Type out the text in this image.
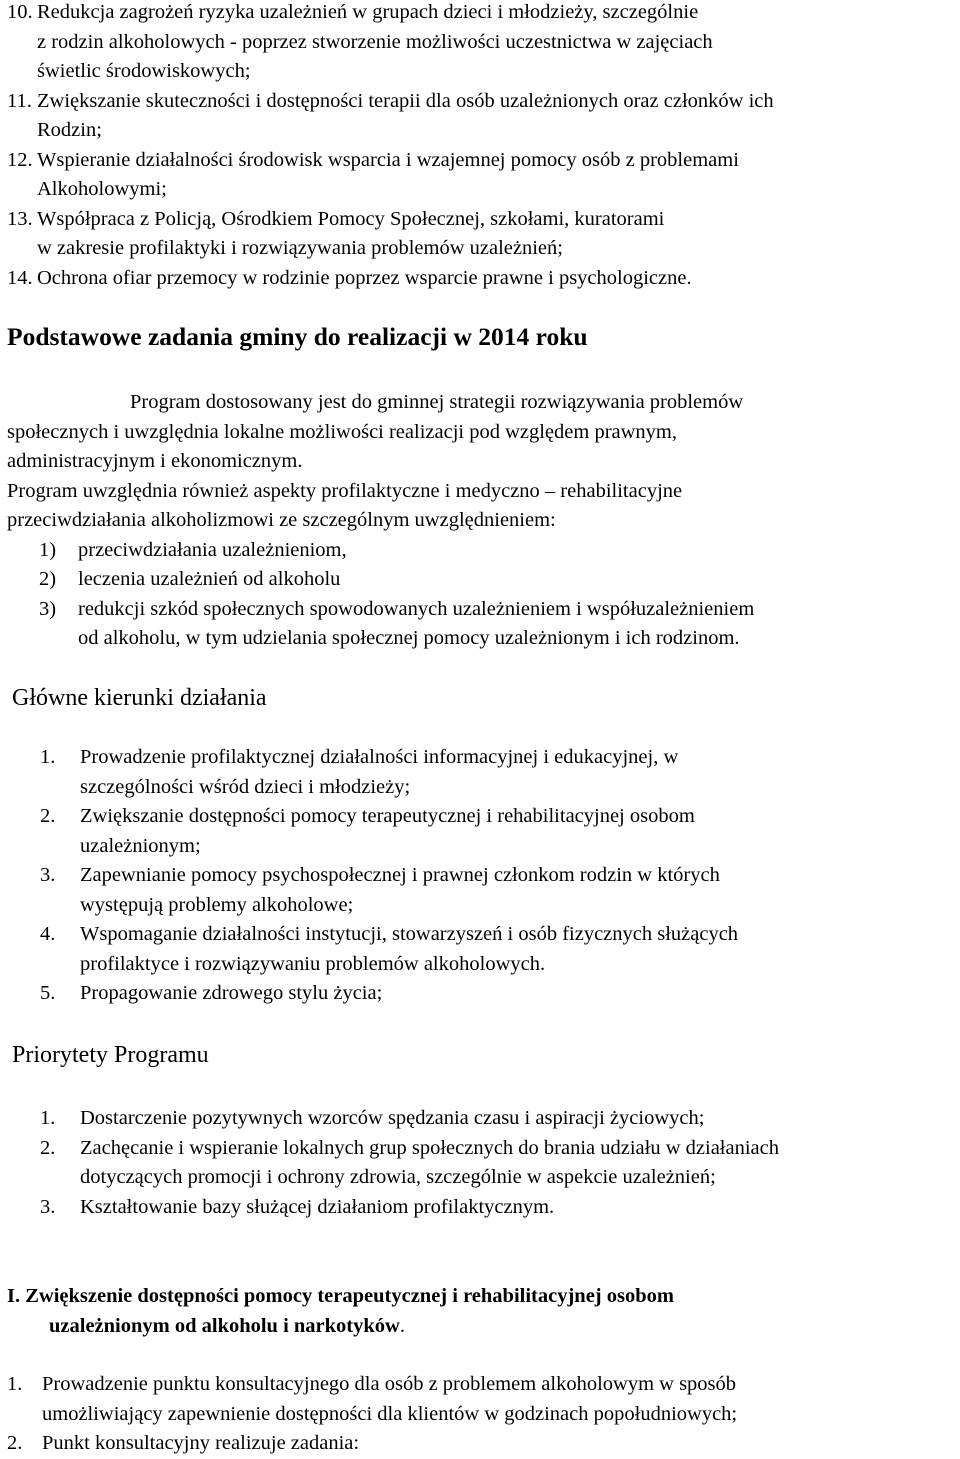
10. Redukcja zagrożeń ryzyka uzależnień w grupach dzieci i młodzieży, szczególnie
z rodzin alkoholowych - poprzez stworzenie możliwości uczestnictwa w zajęciach
świetlic środowiskowych;
11. Zwiększanie skuteczności i dostępności terapii dla osób uzależnionych oraz członków ich
Rodzin;
12. Wspieranie działalności środowisk wsparcia i wzajemnej pomocy osób z problemami
Alkoholowymi;
13. Współpraca z Policją, Ośrodkiem Pomocy Społecznej, szkołami, kuratorami
w zakresie profilaktyki i rozwiązywania problemów uzależnień;
14. Ochrona ofiar przemocy w rodzinie poprzez wsparcie prawne i psychologiczne.
Podstawowe zadania gminy do realizacji w 2014 roku
Program dostosowany jest do gminnej strategii rozwiązywania problemów
społecznych i uwzględnia lokalne możliwości realizacji pod względem prawnym,
administracyjnym i ekonomicznym.
Program uwzględnia również aspekty profilaktyczne i medyczno – rehabilitacyjne
przeciwdziałania alkoholizmowi ze szczególnym uwzględnieniem:
1)	przeciwdziałania uzależnieniom,
2)	leczenia uzależnień od alkoholu
3)	redukcji szkód społecznych spowodowanych uzależnieniem i współuzależnieniem
od alkoholu, w tym udzielania społecznej pomocy uzależnionym i ich rodzinom.
Główne kierunki działania
1.	Prowadzenie profilaktycznej działalności informacyjnej i edukacyjnej, w
szczególności wśród dzieci i młodzieży;
2.	Zwiększanie dostępności pomocy terapeutycznej i rehabilitacyjnej osobom
uzależnionym;
3.	Zapewnianie pomocy psychospołecznej i prawnej członkom rodzin w których
występują problemy alkoholowe;
4.	Wspomaganie działalności instytucji, stowarzyszeń i osób fizycznych służących
profilaktyce i rozwiązywaniu problemów alkoholowych.
5.	Propagowanie zdrowego stylu życia;
Priorytety Programu
1.	Dostarczenie pozytywnych wzorców spędzania czasu i aspiracji życiowych;
2.	Zachęcanie i wspieranie lokalnych grup społecznych do brania udziału w działaniach
dotyczących promocji i ochrony zdrowia, szczególnie w aspekcie uzależnień;
3.	Kształtowanie bazy służącej działaniom profilaktycznym.
I. Zwiększenie dostępności pomocy terapeutycznej i rehabilitacyjnej osobom
uzależnionym od alkoholu i narkotyków.
1. Prowadzenie punktu konsultacyjnego dla osób z problemem alkoholowym w sposób
umożliwiający zapewnienie dostępności dla klientów w godzinach popołudniowych;
2. Punkt konsultacyjny realizuje zadania:
